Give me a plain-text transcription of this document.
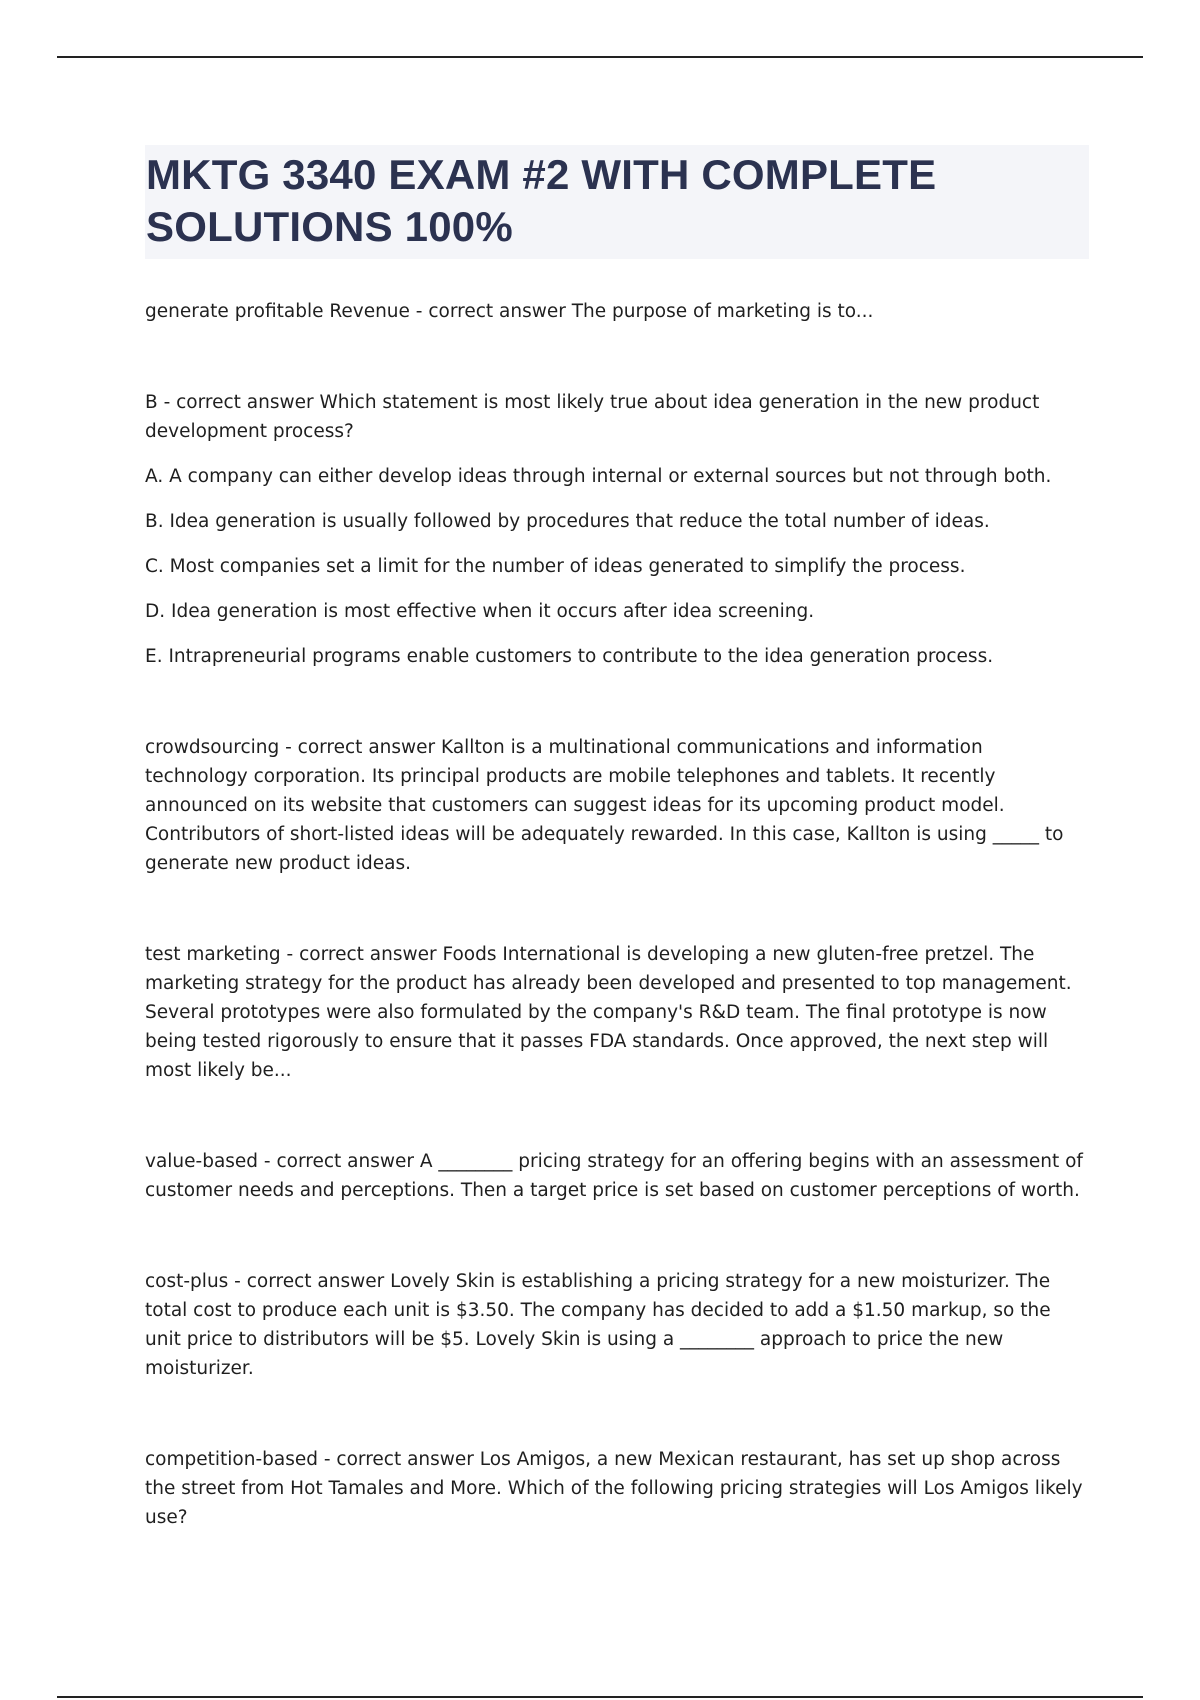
MKTG 3340 EXAM #2 WITH COMPLETE SOLUTIONS 100%

generate profitable Revenue - correct answer The purpose of marketing is to...

B - correct answer Which statement is most likely true about idea generation in the new product development process?

A. A company can either develop ideas through internal or external sources but not through both.

B. Idea generation is usually followed by procedures that reduce the total number of ideas.

C. Most companies set a limit for the number of ideas generated to simplify the process.

D. Idea generation is most effective when it occurs after idea screening.

E. Intrapreneurial programs enable customers to contribute to the idea generation process.

crowdsourcing - correct answer Kallton is a multinational communications and information technology corporation. Its principal products are mobile telephones and tablets. It recently announced on its website that customers can suggest ideas for its upcoming product model. Contributors of short-listed ideas will be adequately rewarded. In this case, Kallton is using _____ to generate new product ideas.

test marketing - correct answer Foods International is developing a new gluten-free pretzel. The marketing strategy for the product has already been developed and presented to top management. Several prototypes were also formulated by the company's R&D team. The final prototype is now being tested rigorously to ensure that it passes FDA standards. Once approved, the next step will most likely be...

value-based - correct answer A ________ pricing strategy for an offering begins with an assessment of customer needs and perceptions. Then a target price is set based on customer perceptions of worth.

cost-plus - correct answer Lovely Skin is establishing a pricing strategy for a new moisturizer. The total cost to produce each unit is $3.50. The company has decided to add a $1.50 markup, so the unit price to distributors will be $5. Lovely Skin is using a ________ approach to price the new moisturizer.

competition-based - correct answer Los Amigos, a new Mexican restaurant, has set up shop across the street from Hot Tamales and More. Which of the following pricing strategies will Los Amigos likely use?
